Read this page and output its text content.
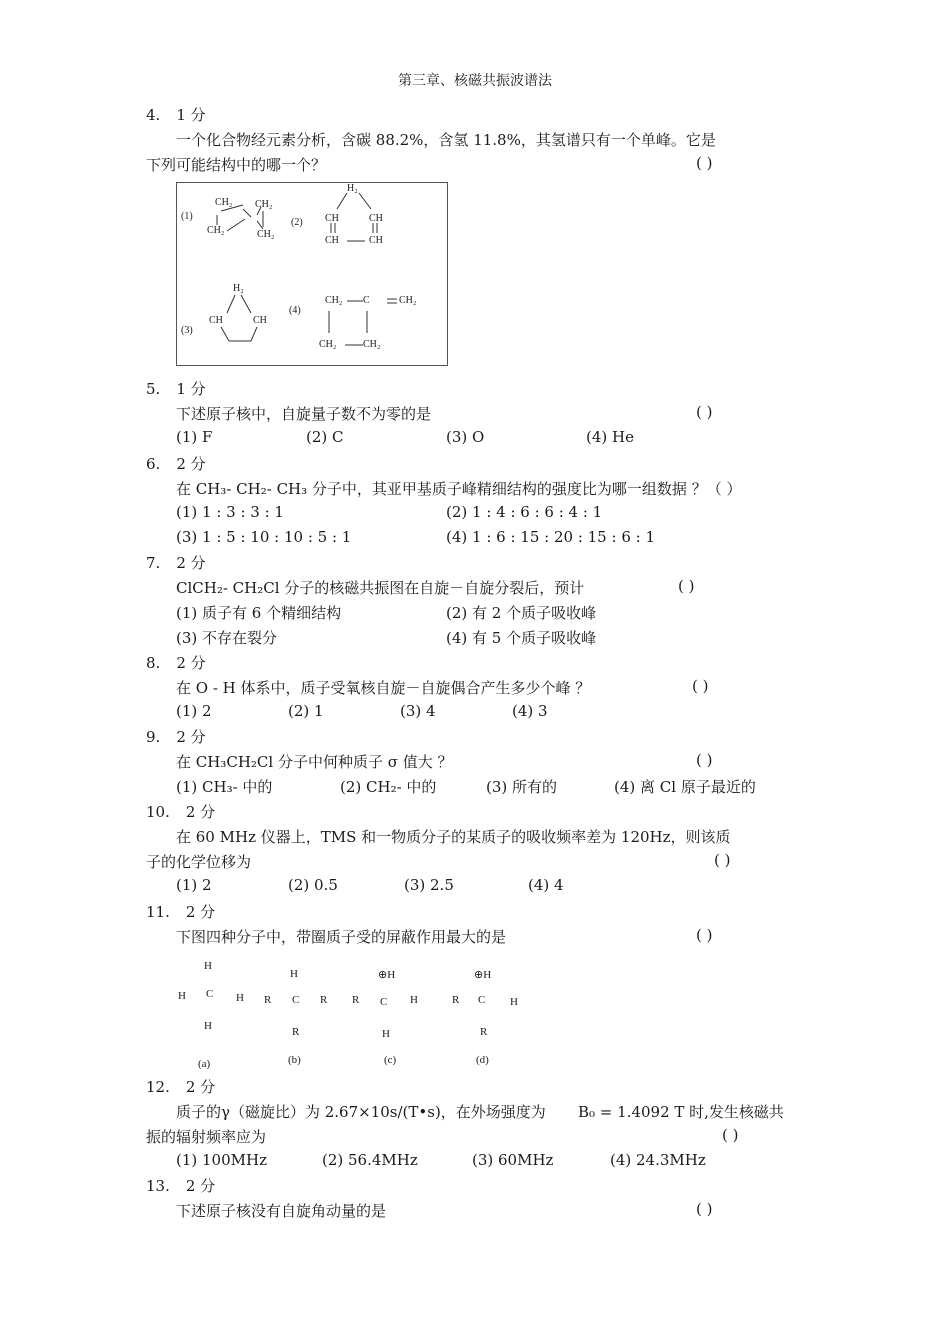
第三章、核磁共振波谱法
4. 1 分
一个化合物经元素分析，含碳 88.2%，含氢 11.8%，其氢谱只有一个单峰。它是
下列可能结构中的哪一个？	( )
(1)
CH₂
CH₂
CH₂
CH₂
(2)
H₂
CH	CH
CH	CH
(3)
H₂
CH	CH
(4)
CH₂ C	CH₂
CH₂	CH₂
5. 1 分
下述原子核中，自旋量子数不为零的是	( )
(1) F	(2) C	(3) O	(4) He
6. 2 分
在 CH₃- CH₂- CH₃ 分子中，其亚甲基质子峰精细结构的强度比为哪一组数据 ？（ ）
(1) 1 : 3 : 3 : 1	(2) 1 : 4 : 6 : 6 : 4 : 1
(3) 1 : 5 : 10 : 10 : 5 : 1	(4) 1 : 6 : 15 : 20 : 15 : 6 : 1
7. 2 分
ClCH₂- CH₂Cl 分子的核磁共振图在自旋－自旋分裂后，预计	( )
(1) 质子有 6 个精细结构	(2) 有 2 个质子吸收峰
(3) 不存在裂分	(4) 有 5 个质子吸收峰
8. 2 分
在 O - H 体系中，质子受氧核自旋－自旋偶合产生多少个峰 ？	( )
(1) 2	(2) 1	(3) 4	(4) 3
9. 2 分
在 CH₃CH₂Cl 分子中何种质子 σ 值大 ？	( )
(1) CH₃- 中的	(2) CH₂- 中的	(3) 所有的	(4) 离 Cl 原子最近的
10. 2 分
在 60 MHz 仪器上，TMS 和一物质分子的某质子的吸收频率差为 120Hz，则该质
子的化学位移为	( )
(1) 2	(2) 0.5	(3) 2.5	(4) 4
11. 2 分
下图四种分子中，带圈质子受的屏蔽作用最大的是	( )
H
H C H
H
(a)
R
H
C R
R
(b)
R
⊕H
C H
H
(c)
R
⊕H
C H
R
(d)
12. 2 分
质子的γ（磁旋比）为 2.67×10s/(T•s)，在外场强度为 B₀ = 1.4092 T 时,发生核磁共
振的辐射频率应为	( )
(1) 100MHz	(2) 56.4MHz	(3) 60MHz	(4) 24.3MHz
13. 2 分
下述原子核没有自旋角动量的是	( )
